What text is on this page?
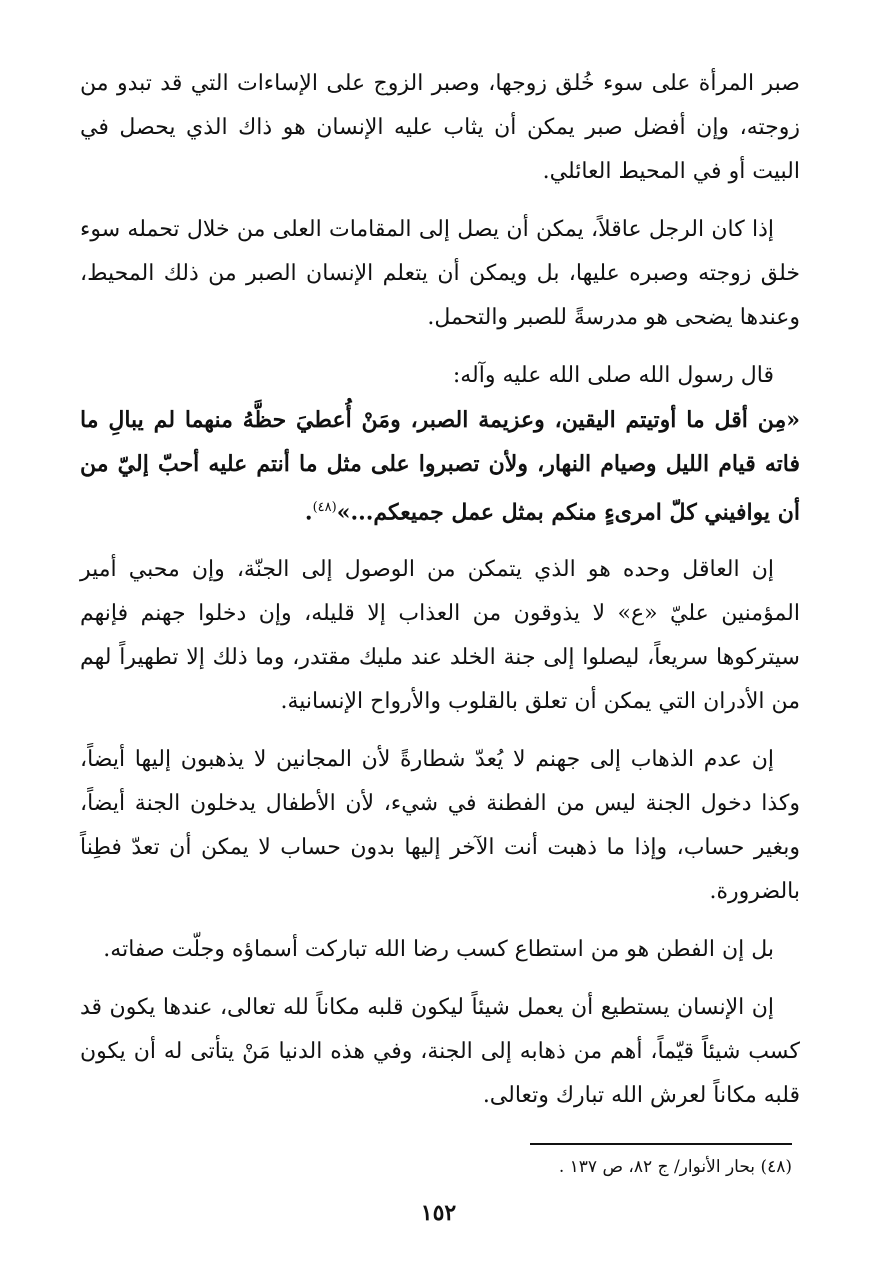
صبر المرأة على سوء خُلق زوجها، وصبر الزوج على الإساءات التي قد تبدو من زوجته، وإن أفضل صبر يمكن أن يثاب عليه الإنسان هو ذاك الذي يحصل في البيت أو في المحيط العائلي.

إذا كان الرجل عاقلاً، يمكن أن يصل إلى المقامات العلى من خلال تحمله سوء خلق زوجته وصبره عليها، بل ويمكن أن يتعلم الإنسان الصبر من ذلك المحيط، وعندها يضحى هو مدرسةً للصبر والتحمل.

قال رسول الله صلى الله عليه وآله:

«مِن أقل ما أوتيتم اليقين، وعزيمة الصبر، ومَنْ أُعطيَ حظَّهُ منهما لم يبالِ ما فاته قيام الليل وصيام النهار، ولأن تصبروا على مثل ما أنتم عليه أحبّ إليّ من أن يوافيني كلّ امرىءٍ منكم بمثل عمل جميعكم...»$^{(٤٨)}$.

إن العاقل وحده هو الذي يتمكن من الوصول إلى الجنّة، وإن محبي أمير المؤمنين عليّ «ع» لا يذوقون من العذاب إلا قليله، وإن دخلوا جهنم فإنهم سيتركوها سريعاً، ليصلوا إلى جنة الخلد عند مليك مقتدر، وما ذلك إلا تطهيراً لهم من الأدران التي يمكن أن تعلق بالقلوب والأرواح الإنسانية.

إن عدم الذهاب إلى جهنم لا يُعدّ شطارةً لأن المجانين لا يذهبون إليها أيضاً، وكذا دخول الجنة ليس من الفطنة في شيء، لأن الأطفال يدخلون الجنة أيضاً، وبغير حساب، وإذا ما ذهبت أنت الآخر إليها بدون حساب لا يمكن أن تعدّ فطِناً بالضرورة.

بل إن الفطن هو من استطاع كسب رضا الله تباركت أسماؤه وجلّت صفاته.

إن الإنسان يستطيع أن يعمل شيئاً ليكون قلبه مكاناً لله تعالى، عندها يكون قد كسب شيئاً قيّماً، أهم من ذهابه إلى الجنة، وفي هذه الدنيا مَنْ يتأتى له أن يكون قلبه مكاناً لعرش الله تبارك وتعالى.

(٤٨) بحار الأنوار/ ج ٨٢، ص ١٣٧ .
١٥٢
